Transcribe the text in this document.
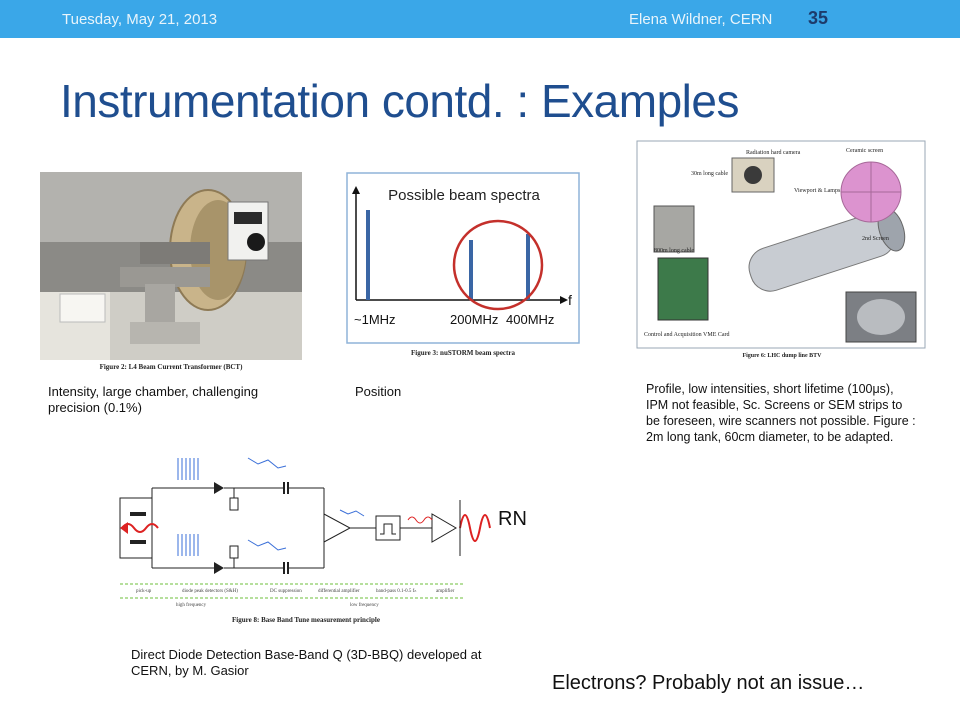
Tuesday, May 21, 2013	Elena Wildner, CERN 35
Instrumentation contd. : Examples
Figure 2: L4 Beam Current Transformer (BCT)
Possible beam spectra
f
~1MHz	200MHz 400MHz
Figure 3: nuSTORM beam spectra
Radiation hard camera
30m long cable
800m long cable
Ceramic screen
Viewport & Lamps
2nd Screen
Control and Acquisition VME Card
Figure 6: LHC dump line BTV
Intensity, large chamber, challenging precision (0.1%)
Position	Profile, low intensities, short lifetime (100μs), IPM not feasible, Sc. Screens or SEM strips to be foreseen, wire scanners not possible. Figure : 2m long tank, 60cm diameter, to be adapted.
pick-up	diode peak detectors (S&H)	DC suppression	differential amplifier	band-pass 0.1-0.5 fₙ	amplifier
high frequency	low frequency
Figure 8: Base Band Tune measurement principle
RN
Direct Diode Detection Base-Band Q (3D-BBQ) developed at CERN, by M. Gasior
Electrons? Probably not an issue…
